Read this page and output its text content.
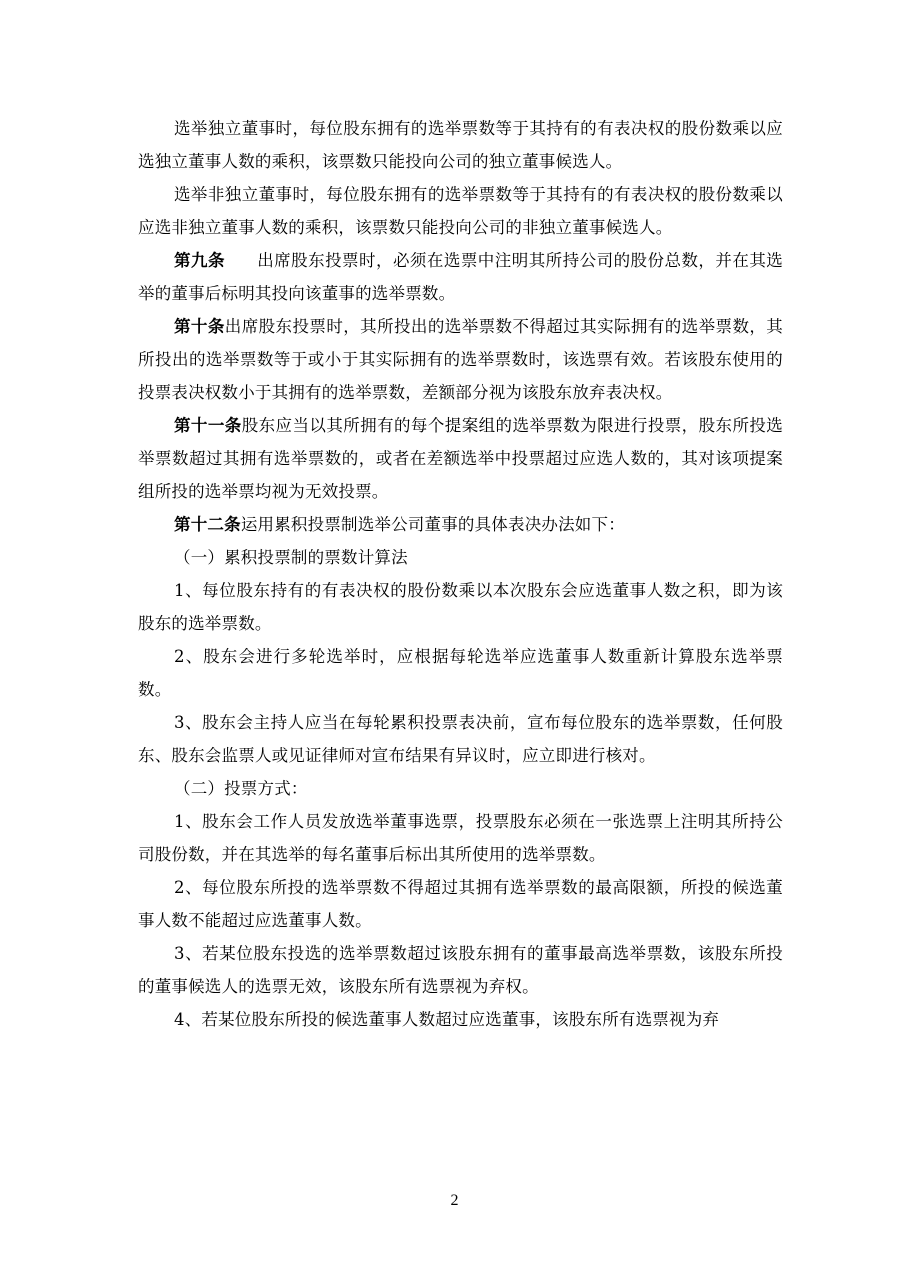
选举独立董事时，每位股东拥有的选举票数等于其持有的有表决权的股份数乘以应选独立董事人数的乘积，该票数只能投向公司的独立董事候选人。

选举非独立董事时，每位股东拥有的选举票数等于其持有的有表决权的股份数乘以应选非独立董事人数的乘积，该票数只能投向公司的非独立董事候选人。

第九条 出席股东投票时，必须在选票中注明其所持公司的股份总数，并在其选举的董事后标明其投向该董事的选举票数。

第十条出席股东投票时，其所投出的选举票数不得超过其实际拥有的选举票数，其所投出的选举票数等于或小于其实际拥有的选举票数时，该选票有效。若该股东使用的投票表决权数小于其拥有的选举票数，差额部分视为该股东放弃表决权。

第十一条股东应当以其所拥有的每个提案组的选举票数为限进行投票，股东所投选举票数超过其拥有选举票数的，或者在差额选举中投票超过应选人数的，其对该项提案组所投的选举票均视为无效投票。

第十二条运用累积投票制选举公司董事的具体表决办法如下：

（一）累积投票制的票数计算法

1、每位股东持有的有表决权的股份数乘以本次股东会应选董事人数之积，即为该股东的选举票数。

2、股东会进行多轮选举时，应根据每轮选举应选董事人数重新计算股东选举票数。

3、股东会主持人应当在每轮累积投票表决前，宣布每位股东的选举票数，任何股东、股东会监票人或见证律师对宣布结果有异议时，应立即进行核对。

（二）投票方式：

1、股东会工作人员发放选举董事选票，投票股东必须在一张选票上注明其所持公司股份数，并在其选举的每名董事后标出其所使用的选举票数。

2、每位股东所投的选举票数不得超过其拥有选举票数的最高限额，所投的候选董事人数不能超过应选董事人数。

3、若某位股东投选的选举票数超过该股东拥有的董事最高选举票数，该股东所投的董事候选人的选票无效，该股东所有选票视为弃权。

4、若某位股东所投的候选董事人数超过应选董事，该股东所有选票视为弃

2
